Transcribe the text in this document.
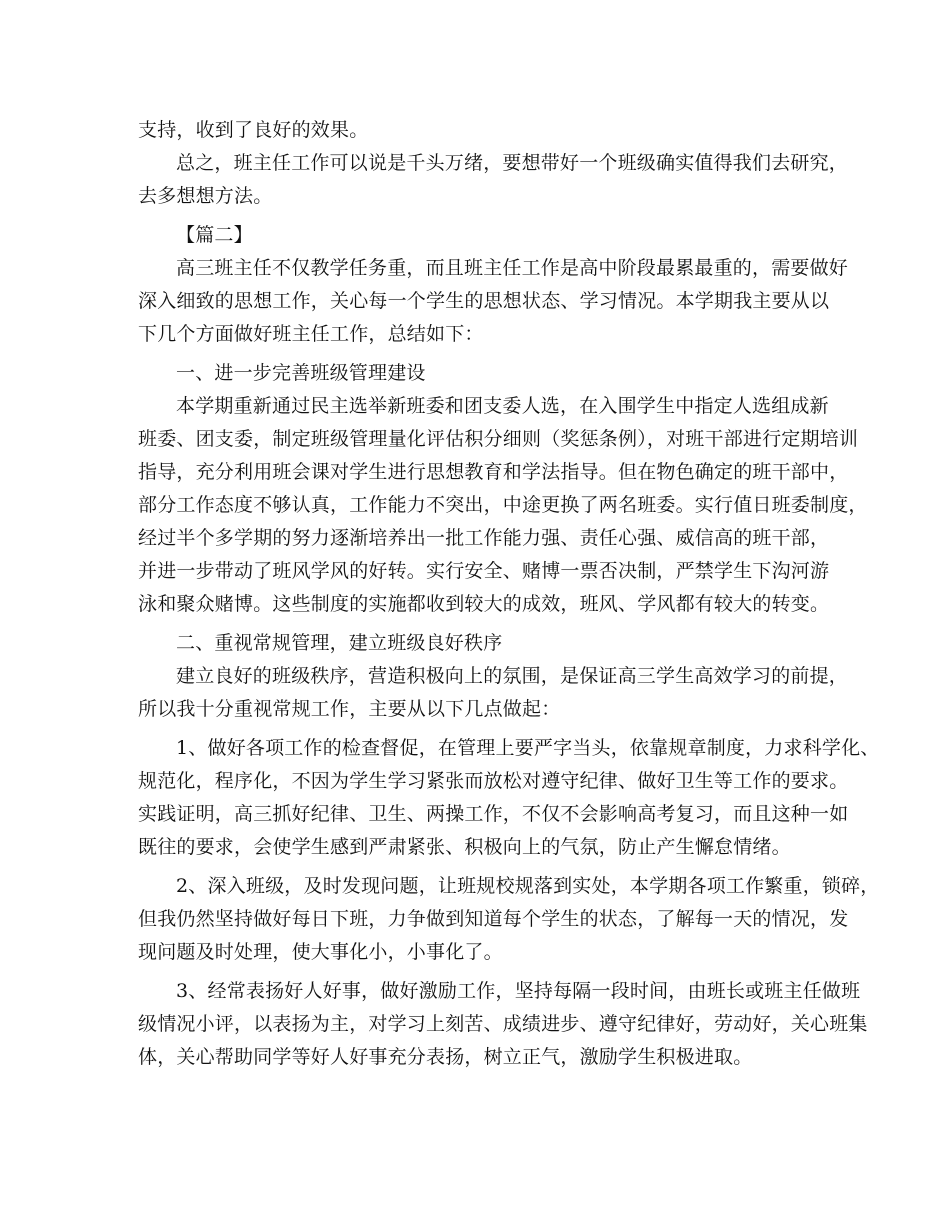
支持，收到了良好的效果。
总之，班主任工作可以说是千头万绪，要想带好一个班级确实值得我们去研究，
去多想想方法。
【篇二】
高三班主任不仅教学任务重，而且班主任工作是高中阶段最累最重的，需要做好
深入细致的思想工作，关心每一个学生的思想状态、学习情况。本学期我主要从以
下几个方面做好班主任工作，总结如下：
一、进一步完善班级管理建设
本学期重新通过民主选举新班委和团支委人选，在入围学生中指定人选组成新
班委、团支委，制定班级管理量化评估积分细则（奖惩条例），对班干部进行定期培训
指导，充分利用班会课对学生进行思想教育和学法指导。但在物色确定的班干部中，
部分工作态度不够认真，工作能力不突出，中途更换了两名班委。实行值日班委制度，
经过半个多学期的努力逐渐培养出一批工作能力强、责任心强、威信高的班干部，
并进一步带动了班风学风的好转。实行安全、赌博一票否决制，严禁学生下沟河游
泳和聚众赌博。这些制度的实施都收到较大的成效，班风、学风都有较大的转变。
二、重视常规管理，建立班级良好秩序
建立良好的班级秩序，营造积极向上的氛围，是保证高三学生高效学习的前提，
所以我十分重视常规工作，主要从以下几点做起：
1、做好各项工作的检查督促，在管理上要严字当头，依靠规章制度，力求科学化、
规范化，程序化，不因为学生学习紧张而放松对遵守纪律、做好卫生等工作的要求。
实践证明，高三抓好纪律、卫生、两操工作，不仅不会影响高考复习，而且这种一如
既往的要求，会使学生感到严肃紧张、积极向上的气氛，防止产生懈怠情绪。
2、深入班级，及时发现问题，让班规校规落到实处，本学期各项工作繁重，锁碎，
但我仍然坚持做好每日下班，力争做到知道每个学生的状态，了解每一天的情况，发
现问题及时处理，使大事化小，小事化了。
3、经常表扬好人好事，做好激励工作，坚持每隔一段时间，由班长或班主任做班
级情况小评，以表扬为主，对学习上刻苦、成绩进步、遵守纪律好，劳动好，关心班集
体，关心帮助同学等好人好事充分表扬，树立正气，激励学生积极进取。
